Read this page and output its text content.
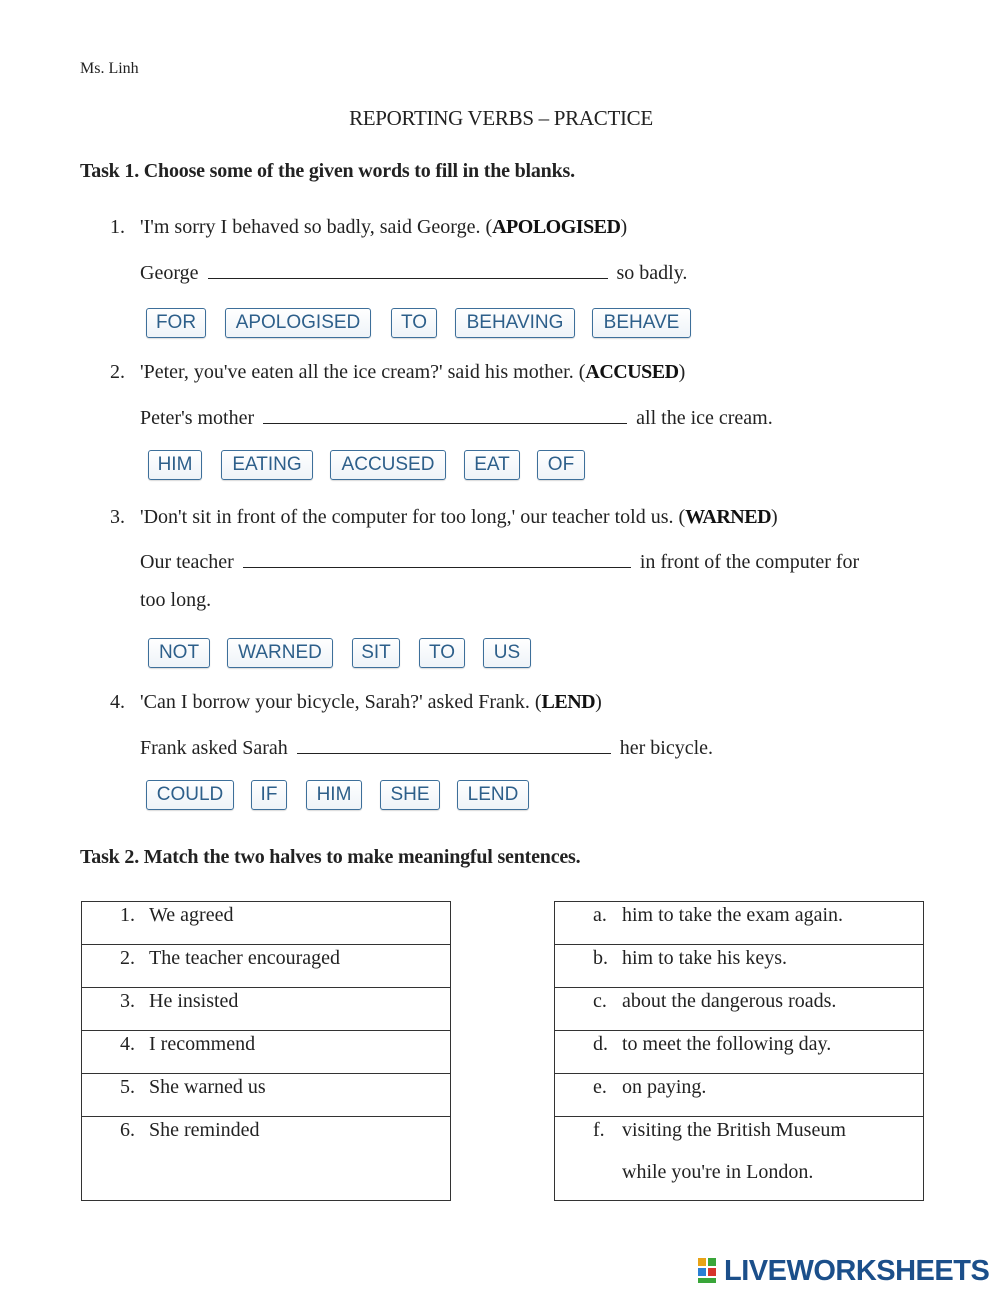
Ms. Linh
REPORTING VERBS – PRACTICE
Task 1. Choose some of the given words to fill in the blanks.
1. 'I'm sorry I behaved so badly, said George. (APOLOGISED)
George	so badly.
FOR	APOLOGISED	TO	BEHAVING	BEHAVE
2. 'Peter, you've eaten all the ice cream?' said his mother. (ACCUSED)
Peter's mother	all the ice cream.
HIM	EATING	ACCUSED	EAT	OF
3. 'Don't sit in front of the computer for too long,' our teacher told us. (WARNED)
Our teacher	in front of the computer for
too long.
NOT	WARNED	SIT	TO	US
4. 'Can I borrow your bicycle, Sarah?' asked Frank. (LEND)
Frank asked Sarah	her bicycle.
COULD	IF	HIM	SHE	LEND
Task 2. Match the two halves to make meaningful sentences.
1. We agreed

2. The teacher encouraged

3. He insisted

4. I recommend

5. She warned us

6. She reminded
a. him to take the exam again.

b. him to take his keys.

c. about the dangerous roads.

d. to meet the following day.

e. on paying.

f. visiting the British Museum
while you're in London.
LIVEWORKSHEETS
